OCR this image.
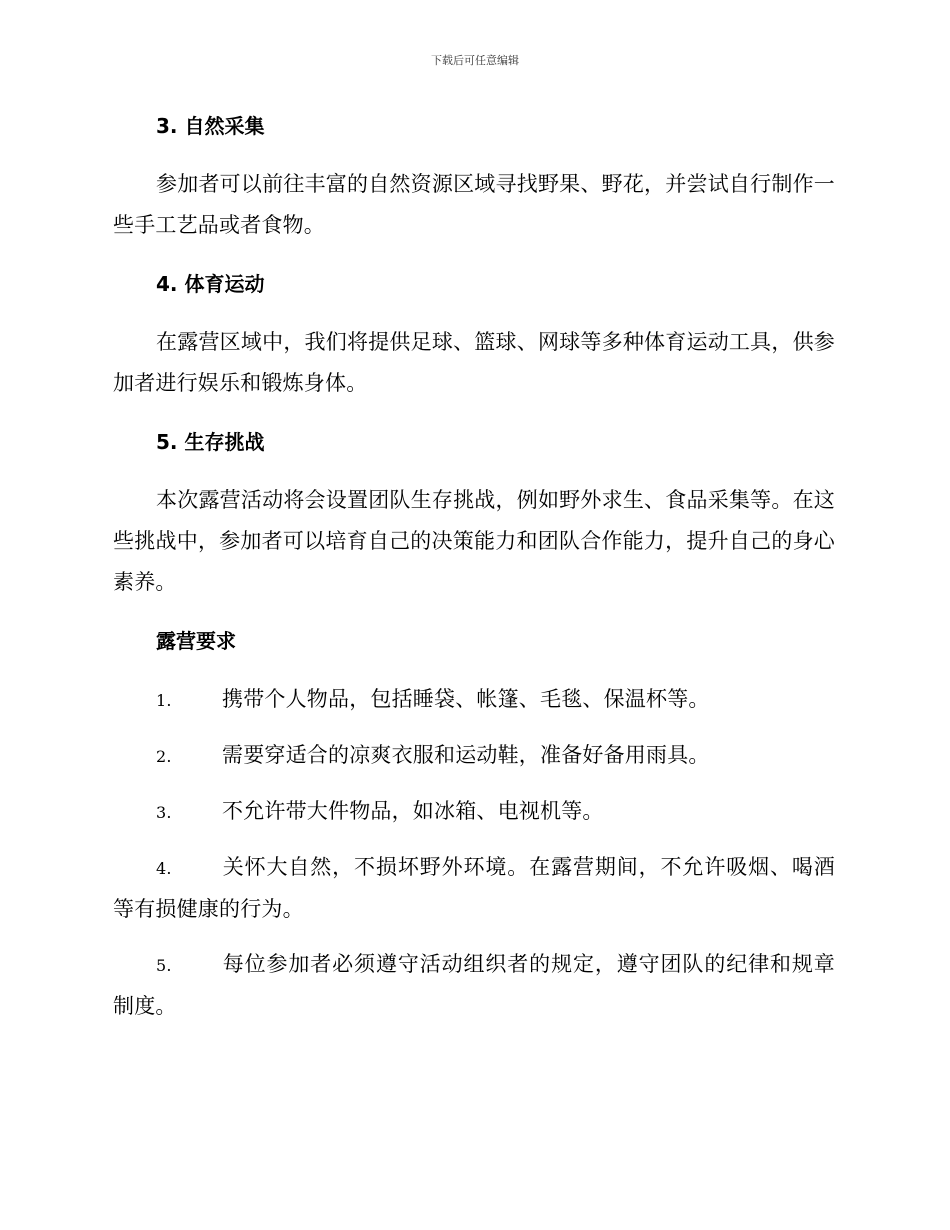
下载后可任意编辑
3. 自然采集

参加者可以前往丰富的自然资源区域寻找野果、野花，并尝试自行制作一些手工艺品或者食物。

4. 体育运动

在露营区域中，我们将提供足球、篮球、网球等多种体育运动工具，供参加者进行娱乐和锻炼身体。

5. 生存挑战

本次露营活动将会设置团队生存挑战，例如野外求生、食品采集等。在这些挑战中，参加者可以培育自己的决策能力和团队合作能力，提升自己的身心素养。

露营要求

1. 携带个人物品，包括睡袋、帐篷、毛毯、保温杯等。

2. 需要穿适合的凉爽衣服和运动鞋，准备好备用雨具。

3. 不允许带大件物品，如冰箱、电视机等。

4. 关怀大自然，不损坏野外环境。在露营期间，不允许吸烟、喝酒等有损健康的行为。

5. 每位参加者必须遵守活动组织者的规定，遵守团队的纪律和规章制度。
